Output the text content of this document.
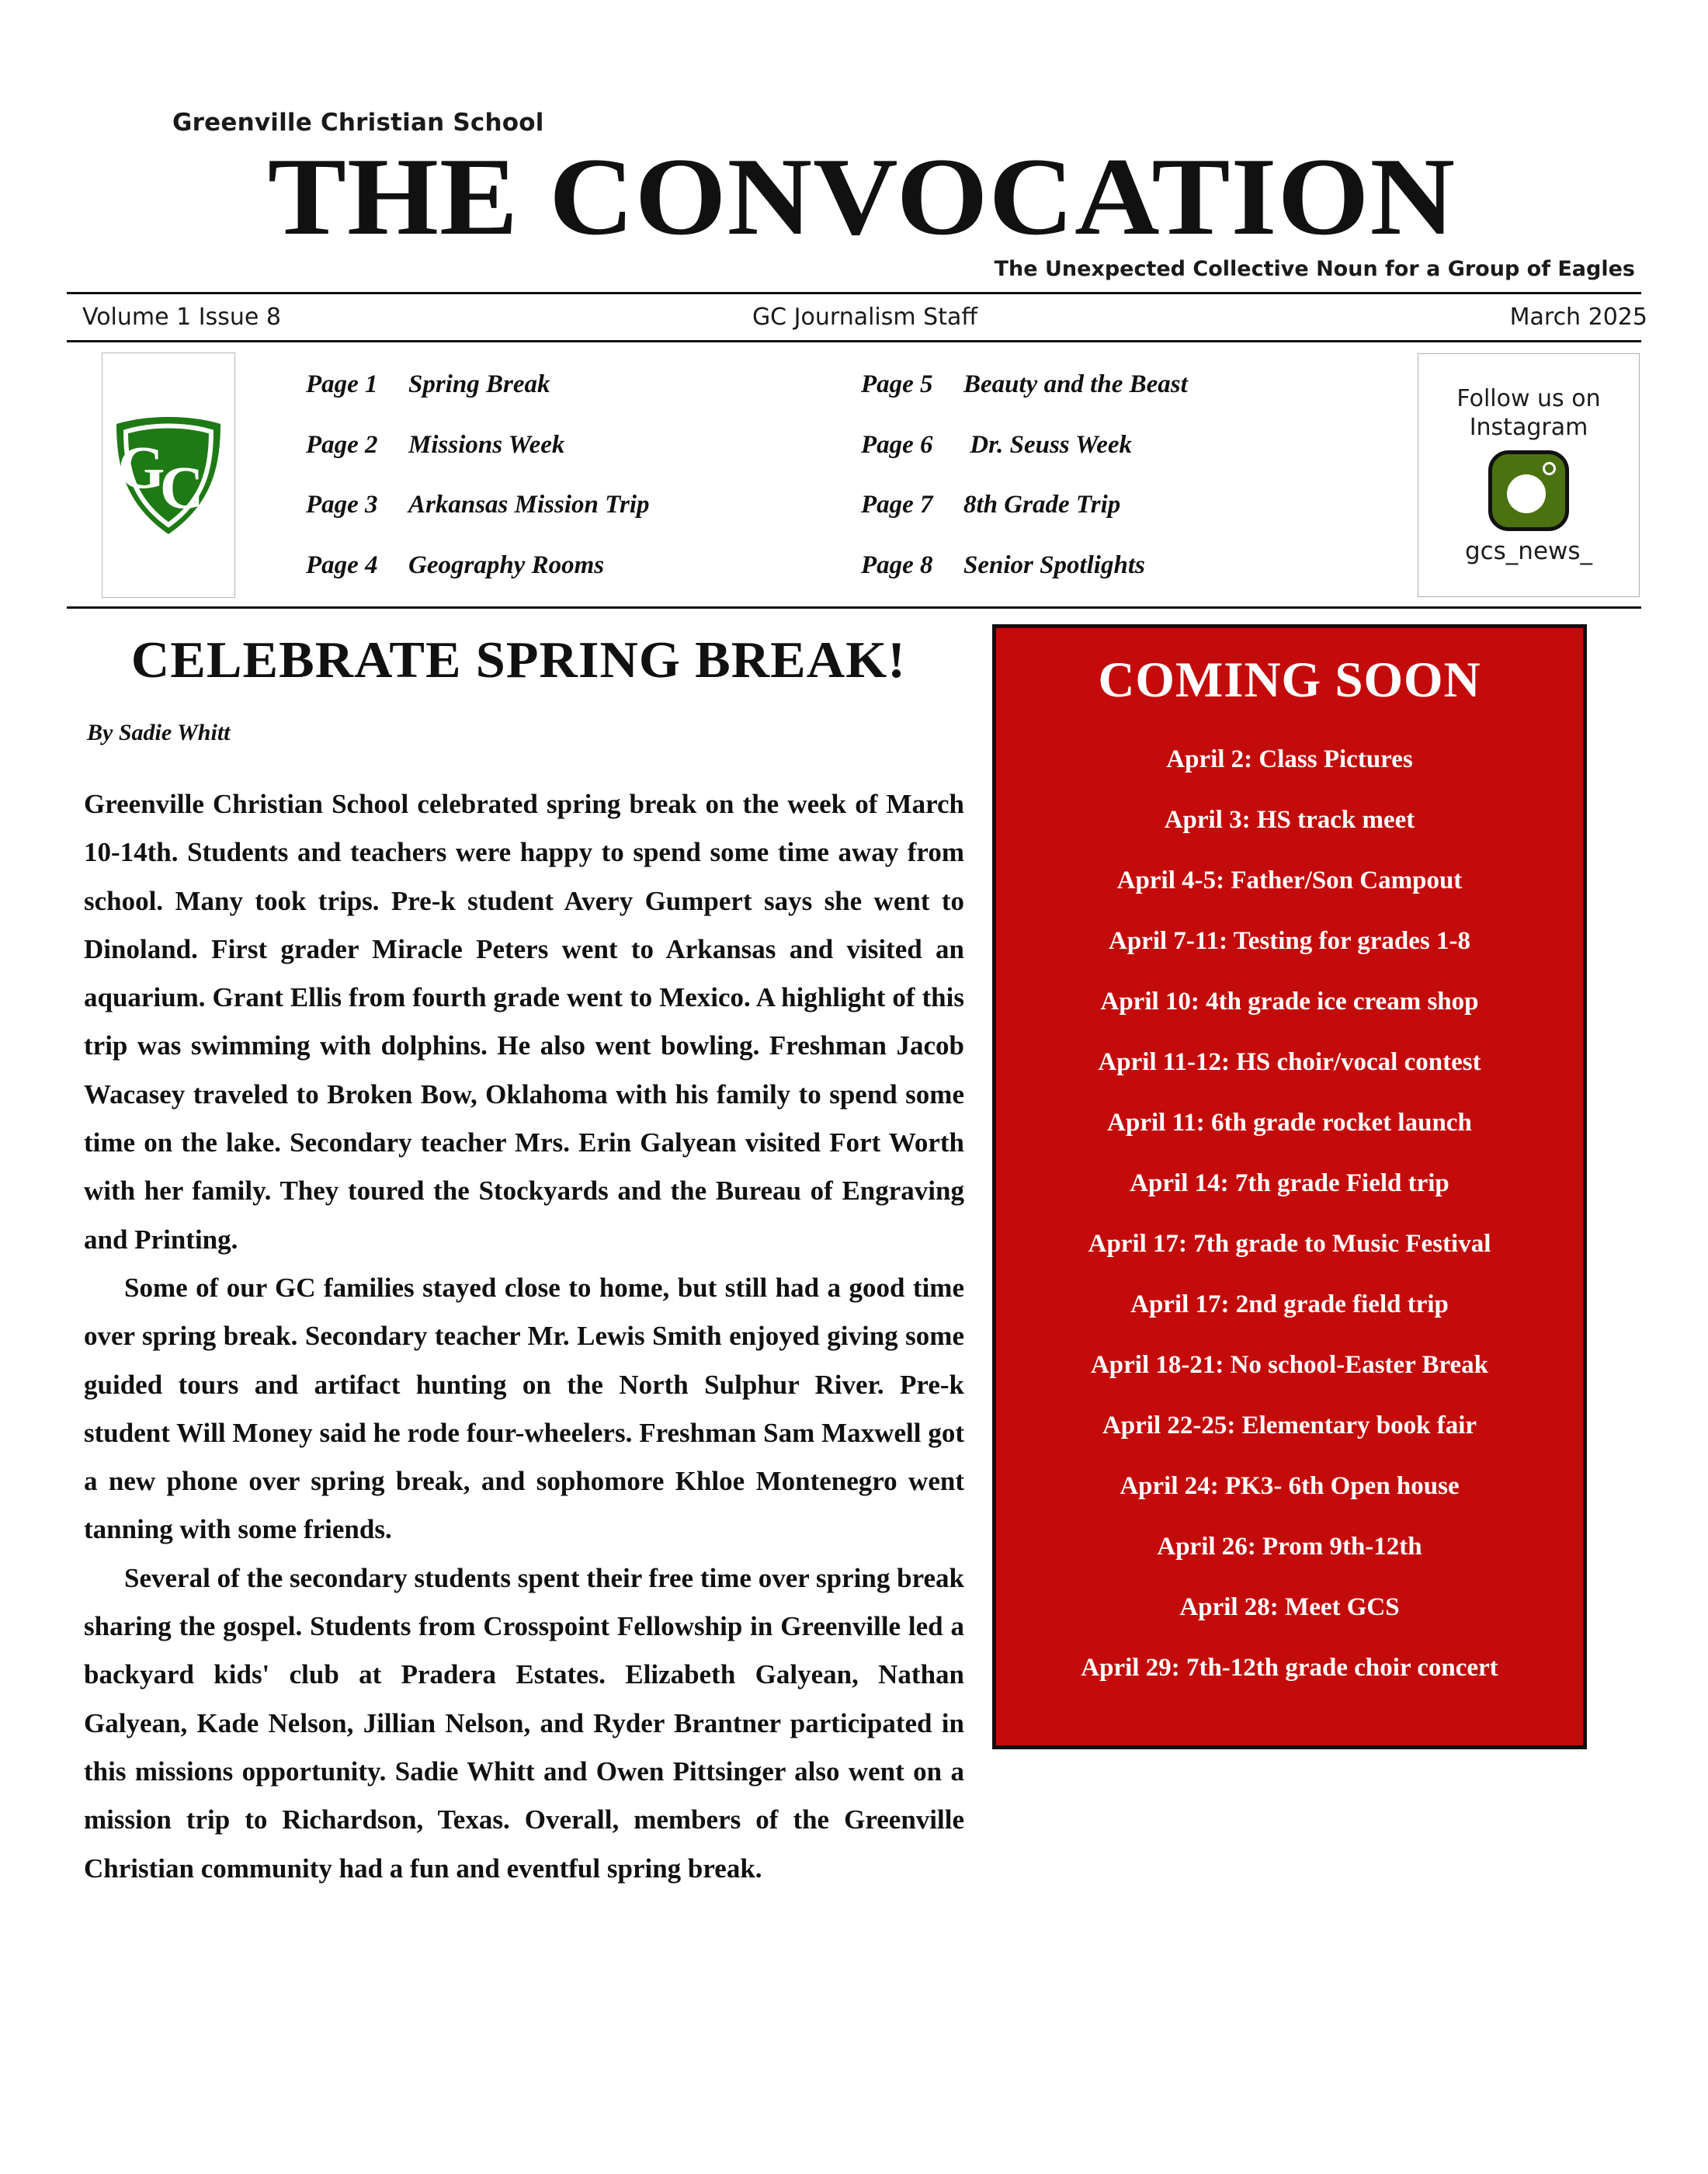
Greenville Christian School
THE CONVOCATION
The Unexpected Collective Noun for a Group of Eagles
Volume 1 Issue 8	GC Journalism Staff	March 2025
G
C
Page 1 Spring Break	Page 5 Beauty and the Beast
Page 2 Missions Week	Page 6 Dr. Seuss Week
Page 3 Arkansas Mission Trip	Page 7 8th Grade Trip
Page 4 Geography Rooms	Page 8 Senior Spotlights
Follow us on
Instagram
gcs_news_
CELEBRATE SPRING BREAK!
By Sadie Whitt

Greenville Christian School celebrated spring break on the week of March 10-14th. Students and teachers were happy to spend some time away from school. Many took trips. Pre-k student Avery Gumpert says she went to Dinoland. First grader Miracle Peters went to Arkansas and visited an aquarium. Grant Ellis from fourth grade went to Mexico. A highlight of this trip was swimming with dolphins. He also went bowling. Freshman Jacob Wacasey traveled to Broken Bow, Oklahoma with his family to spend some time on the lake. Secondary teacher Mrs. Erin Galyean visited Fort Worth with her family. They toured the Stockyards and the Bureau of Engraving and Printing.

Some of our GC families stayed close to home, but still had a good time over spring break. Secondary teacher Mr. Lewis Smith enjoyed giving some guided tours and artifact hunting on the North Sulphur River. Pre-k student Will Money said he rode four-wheelers. Freshman Sam Maxwell got a new phone over spring break, and sophomore Khloe Montenegro went tanning with some friends.

Several of the secondary students spent their free time over spring break sharing the gospel. Students from Crosspoint Fellowship in Greenville led a backyard kids' club at Pradera Estates. Elizabeth Galyean, Nathan Galyean, Kade Nelson, Jillian Nelson, and Ryder Brantner participated in this missions opportunity. Sadie Whitt and Owen Pittsinger also went on a mission trip to Richardson, Texas. Overall, members of the Greenville Christian community had a fun and eventful spring break.

COMING SOON
April 2: Class Pictures
April 3: HS track meet
April 4-5: Father/Son Campout
April 7-11: Testing for grades 1-8
April 10: 4th grade ice cream shop
April 11-12: HS choir/vocal contest
April 11: 6th grade rocket launch
April 14: 7th grade Field trip
April 17: 7th grade to Music Festival
April 17: 2nd grade field trip
April 18-21: No school-Easter Break
April 22-25: Elementary book fair
April 24: PK3- 6th Open house
April 26: Prom 9th-12th
April 28: Meet GCS
April 29: 7th-12th grade choir concert
